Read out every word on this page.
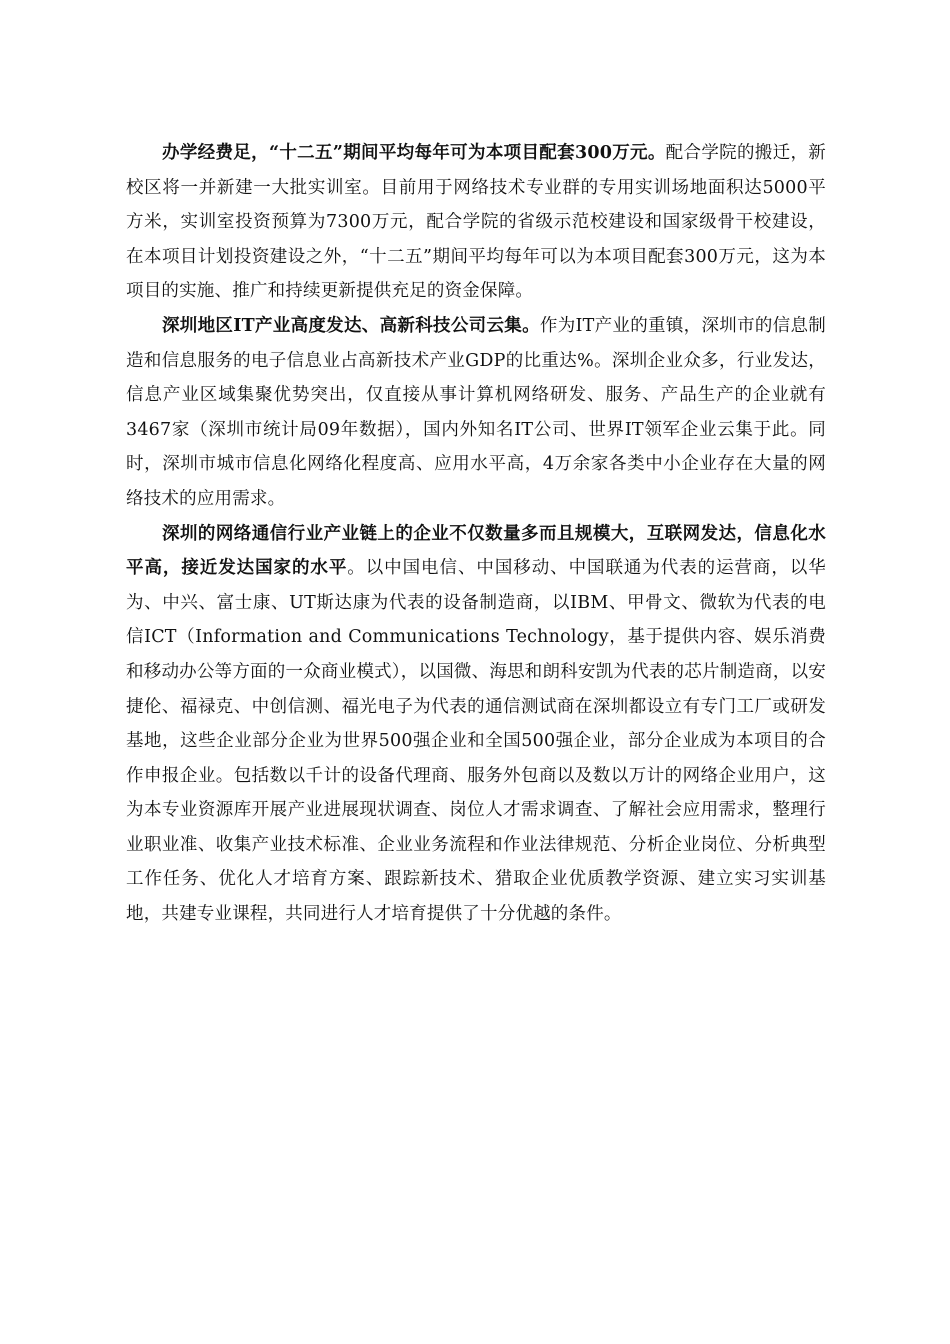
办学经费足，“十二五”期间平均每年可为本项目配套300万元。配合学院的搬迁，新校区将一并新建一大批实训室。目前用于网络技术专业群的专用实训场地面积达5000平方米，实训室投资预算为7300万元，配合学院的省级示范校建设和国家级骨干校建设，在本项目计划投资建设之外，“十二五”期间平均每年可以为本项目配套300万元，这为本项目的实施、推广和持续更新提供充足的资金保障。

深圳地区IT产业高度发达、高新科技公司云集。作为IT产业的重镇，深圳市的信息制造和信息服务的电子信息业占高新技术产业GDP的比重达%。深圳企业众多，行业发达，信息产业区域集聚优势突出，仅直接从事计算机网络研发、服务、产品生产的企业就有3467家（深圳市统计局09年数据），国内外知名IT公司、世界IT领军企业云集于此。同时，深圳市城市信息化网络化程度高、应用水平高，4万余家各类中小企业存在大量的网络技术的应用需求。

深圳的网络通信行业产业链上的企业不仅数量多而且规模大，互联网发达，信息化水平高，接近发达国家的水平。以中国电信、中国移动、中国联通为代表的运营商，以华为、中兴、富士康、UT斯达康为代表的设备制造商，以IBM、甲骨文、微软为代表的电信ICT（Information and Communications Technology，基于提供内容、娱乐消费和移动办公等方面的一众商业模式），以国微、海思和朗科安凯为代表的芯片制造商，以安捷伦、福禄克、中创信测、福光电子为代表的通信测试商在深圳都设立有专门工厂或研发基地，这些企业部分企业为世界500强企业和全国500强企业，部分企业成为本项目的合作申报企业。包括数以千计的设备代理商、服务外包商以及数以万计的网络企业用户，这为本专业资源库开展产业进展现状调查、岗位人才需求调查、了解社会应用需求，整理行业职业准、收集产业技术标准、企业业务流程和作业法律规范、分析企业岗位、分析典型工作任务、优化人才培育方案、跟踪新技术、猎取企业优质教学资源、建立实习实训基地，共建专业课程，共同进行人才培育提供了十分优越的条件。
